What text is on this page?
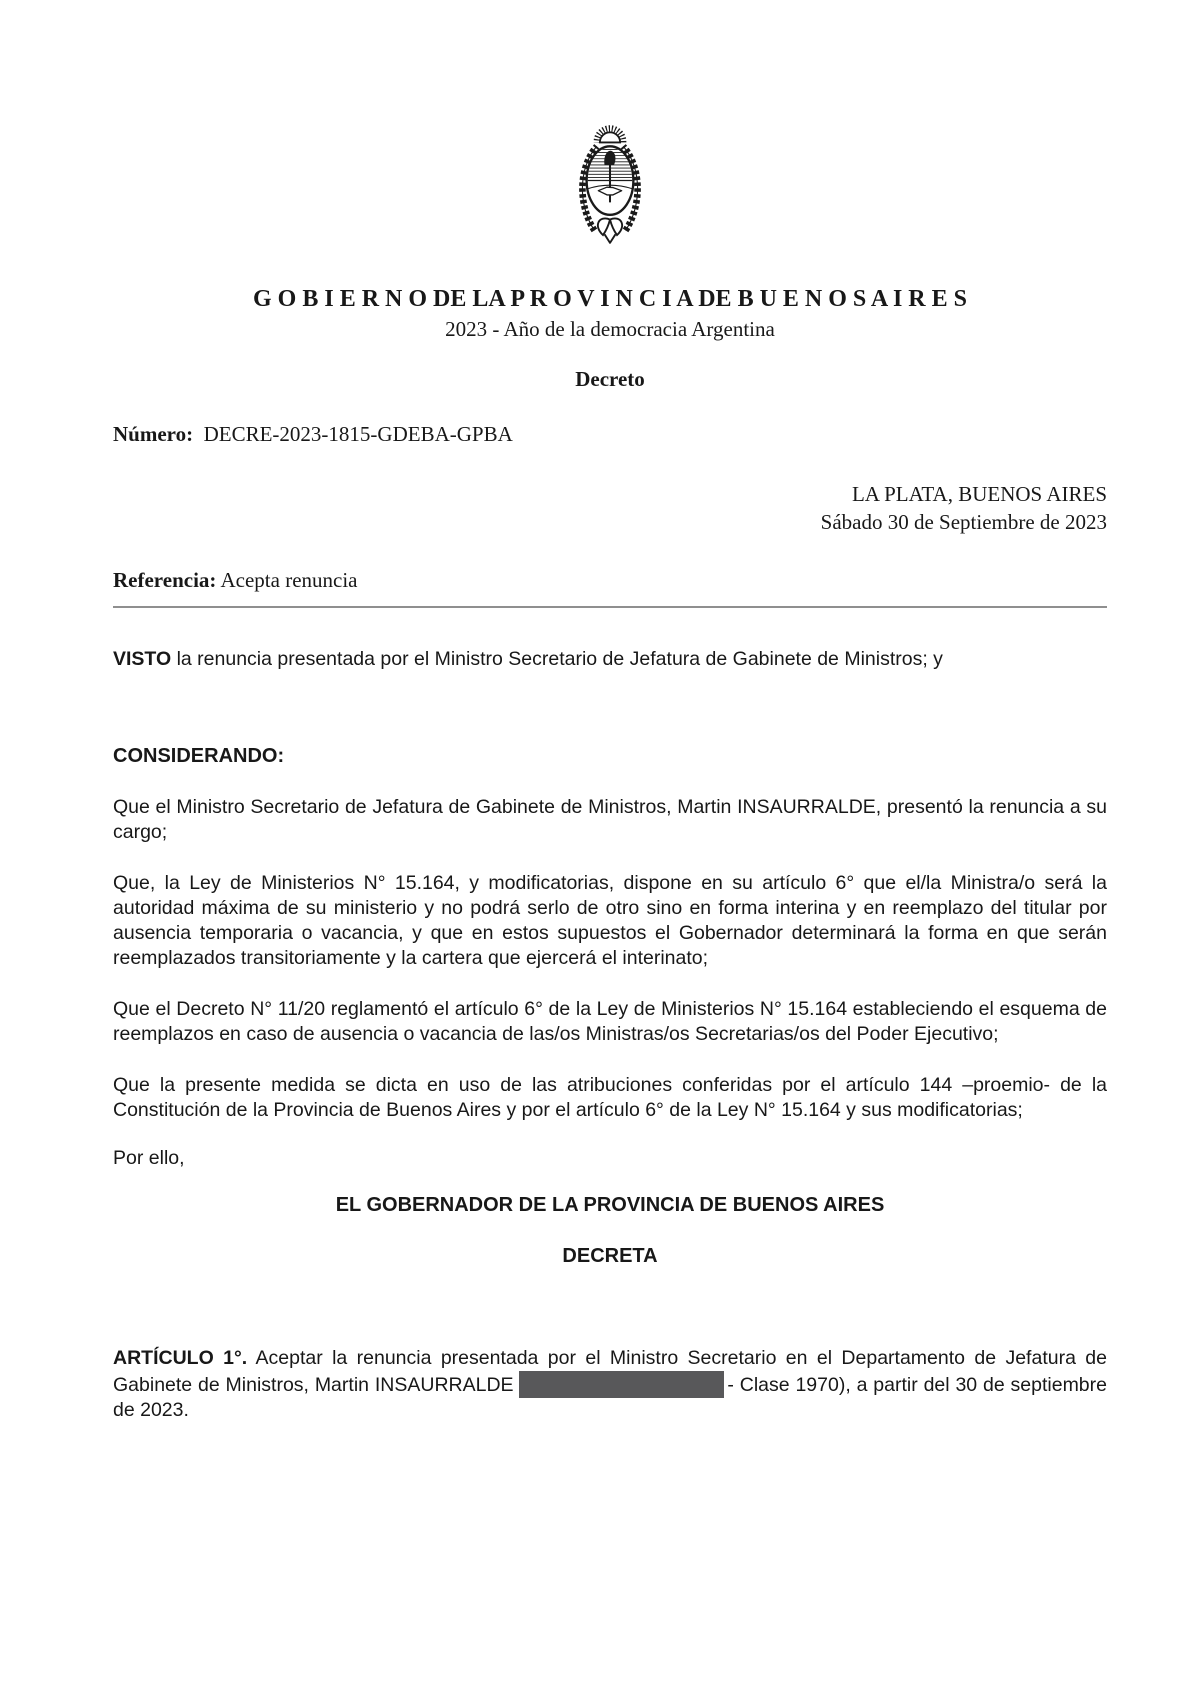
G O B I E R N O DE LA P R O V I N C I A DE B U E N O S A I R E S
2023 - Año de la democracia Argentina
Decreto
Número: DECRE-2023-1815-GDEBA-GPBA
LA PLATA, BUENOS AIRES
Sábado 30 de Septiembre de 2023
Referencia: Acepta renuncia

VISTO la renuncia presentada por el Ministro Secretario de Jefatura de Gabinete de Ministros; y

CONSIDERANDO:

Que el Ministro Secretario de Jefatura de Gabinete de Ministros, Martin INSAURRALDE, presentó la renuncia a su cargo;

Que, la Ley de Ministerios N° 15.164, y modificatorias, dispone en su artículo 6° que el/la Ministra/o será la autoridad máxima de su ministerio y no podrá serlo de otro sino en forma interina y en reemplazo del titular por ausencia temporaria o vacancia, y que en estos supuestos el Gobernador determinará la forma en que serán reemplazados transitoriamente y la cartera que ejercerá el interinato;

Que el Decreto N° 11/20 reglamentó el artículo 6° de la Ley de Ministerios N° 15.164 estableciendo el esquema de reemplazos en caso de ausencia o vacancia de las/os Ministras/os Secretarias/os del Poder Ejecutivo;

Que la presente medida se dicta en uso de las atribuciones conferidas por el artículo 144 –proemio- de la Constitución de la Provincia de Buenos Aires y por el artículo 6° de la Ley N° 15.164 y sus modificatorias;

Por ello,

EL GOBERNADOR DE LA PROVINCIA DE BUENOS AIRES

DECRETA

ARTÍCULO 1°. Aceptar la renuncia presentada por el Ministro Secretario en el Departamento de Jefatura de Gabinete de Ministros, Martin INSAURRALDE	- Clase 1970), a partir del 30 de septiembre de 2023.
